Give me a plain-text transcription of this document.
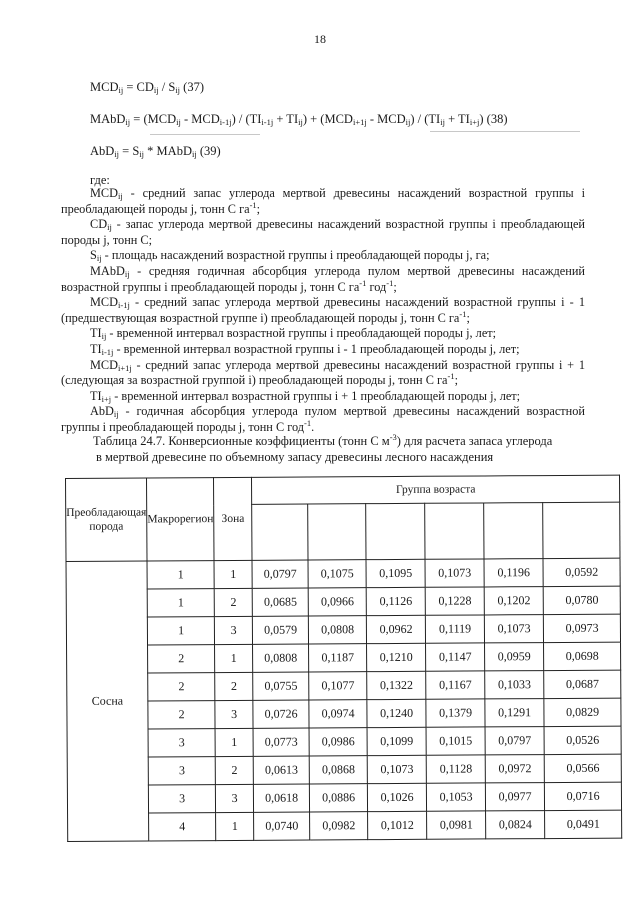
18
$MCD_{ij} = CD_{ij} / S_{ij}$ (37)
MAbD$_{ij}$ = $(MCD_{ij} - MCD_{i-1j}) / (TI_{i-1j} + TI_{ij}) + (MCD_{i+1j} - MCD_{ij}) / (TI_{ij} + TI_{i+j})$ (38)
$AbD_{ij} = S_{ij}$ * MAbD$_{ij}$ (39)
где:

$MCD_{ij}$ - средний запас углерода мертвой древесины насаждений возрастной группы i преобладающей породы j, тонн С $га^{-1}$;

$CD_{ij}$ - запас углерода мертвой древесины насаждений возрастной группы i преобладающей породы j, тонн С;

$S_{ij}$ - площадь насаждений возрастной группы i преобладающей породы j, га;

MAbD$_{ij}$ - средняя годичная абсорбция углерода пулом мертвой древесины насаждений возрастной группы i преобладающей породы j, тонн С $га^{-1}$ год$^{-1}$;

$MCD_{i-1j}$ - средний запас углерода мертвой древесины насаждений возрастной группы i - 1 (предшествующая возрастной группе i) преобладающей породы j, тонн С $га^{-1}$;

$TI_{ij}$ - временной интервал возрастной группы i преобладающей породы j, лет;

$TI_{i-1j}$ - временной интервал возрастной группы i - 1 преобладающей породы j, лет;

$MCD_{i+1j}$ - средний запас углерода мертвой древесины насаждений возрастной группы i + 1 (следующая за возрастной группой i) преобладающей породы j, тонн С $га^{-1}$;

$TI_{i+j}$ - временной интервал возрастной группы i + 1 преобладающей породы j, лет;

AbD$_{ij}$ - годичная абсорбция углерода пулом мертвой древесины насаждений возрастной группы i преобладающей породы j, тонн С год$^{-1}$.

Таблица 24.7. Конверсионные коэффициенты (тонн С $м^{-3}$) для расчета запаса углерода
в мертвой древесине по объемному запасу древесины лесного насаждения
Преобладающая порода	Макрорегион	Зона	Группа возраста					

Сосна	1	1	0,0797	0,1075	0,1095	0,1073	0,1196	0,0592
	1	2	0,0685	0,0966	0,1126	0,1228	0,1202	0,0780
	1	3	0,0579	0,0808	0,0962	0,1119	0,1073	0,0973
	2	1	0,0808	0,1187	0,1210	0,1147	0,0959	0,0698
	2	2	0,0755	0,1077	0,1322	0,1167	0,1033	0,0687
	2	3	0,0726	0,0974	0,1240	0,1379	0,1291	0,0829
	3	1	0,0773	0,0986	0,1099	0,1015	0,0797	0,0526
	3	2	0,0613	0,0868	0,1073	0,1128	0,0972	0,0566
	3	3	0,0618	0,0886	0,1026	0,1053	0,0977	0,0716
	4	1	0,0740	0,0982	0,1012	0,0981	0,0824	0,0491
